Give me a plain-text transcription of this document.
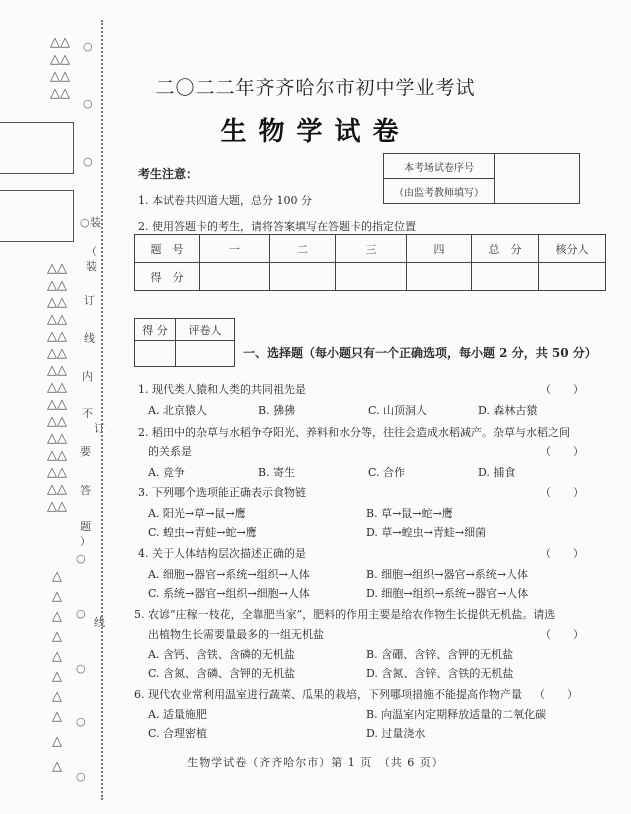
△△
△△
△△
△△
△△
△△
△△
△△
△△
△△
△△
△△
△△
△△
△△
△△
△△
△△
△△
△
△
△
△
△
△
△
△
△
△
○
○
○
○
○
○
○
○
○
装
（
装
订
线
内
不
要
答
题
）
订
线
二〇二二年齐齐哈尔市初中学业考试
生物学试卷
考生注意：
1. 本试卷共四道大题，总分 100 分
2. 使用答题卡的考生，请将答案填写在答题卡的指定位置
本考场试卷序号	
（由监考教师填写）
题　号	一	二	三	四	总　分	核分人
得　分						
得 分	评卷人

一、选择题（每小题只有一个正确选项，每小题 2 分，共 50 分）
1. 现代类人猿和人类的共同祖先是	（　　）
A. 北京猿人	B. 狒狒	C. 山顶洞人	D. 森林古猿
2. 稻田中的杂草与水稻争夺阳光、养料和水分等，往往会造成水稻减产。杂草与水稻之间
的关系是	（　　）
A. 竞争	B. 寄生	C. 合作	D. 捕食
3. 下列哪个选项能正确表示食物链	（　　）
A. 阳光→草→鼠→鹰	B. 草→鼠→蛇→鹰
C. 蝗虫→青蛙→蛇→鹰	D. 草→蝗虫→青蛙→细菌
4. 关于人体结构层次描述正确的是	（　　）
A. 细胞→器官→系统→组织→人体	B. 细胞→组织→器官→系统→人体
C. 系统→器官→组织→细胞→人体	D. 细胞→组织→系统→器官→人体
5. 农谚“庄稼一枝花，全靠肥当家”，肥料的作用主要是给农作物生长提供无机盐。请选
出植物生长需要量最多的一组无机盐	（　　）
A. 含钙、含铁、含磷的无机盐	B. 含硼、含锌、含钾的无机盐
C. 含氮、含磷、含钾的无机盐	D. 含氮、含锌、含铁的无机盐
6. 现代农业常利用温室进行蔬菜、瓜果的栽培，下列哪项措施不能提高作物产量 （　　）
A. 适量施肥	B. 向温室内定期释放适量的二氧化碳
C. 合理密植	D. 过量浇水
生物学试卷（齐齐哈尔市）第 1 页　（共 6 页）
